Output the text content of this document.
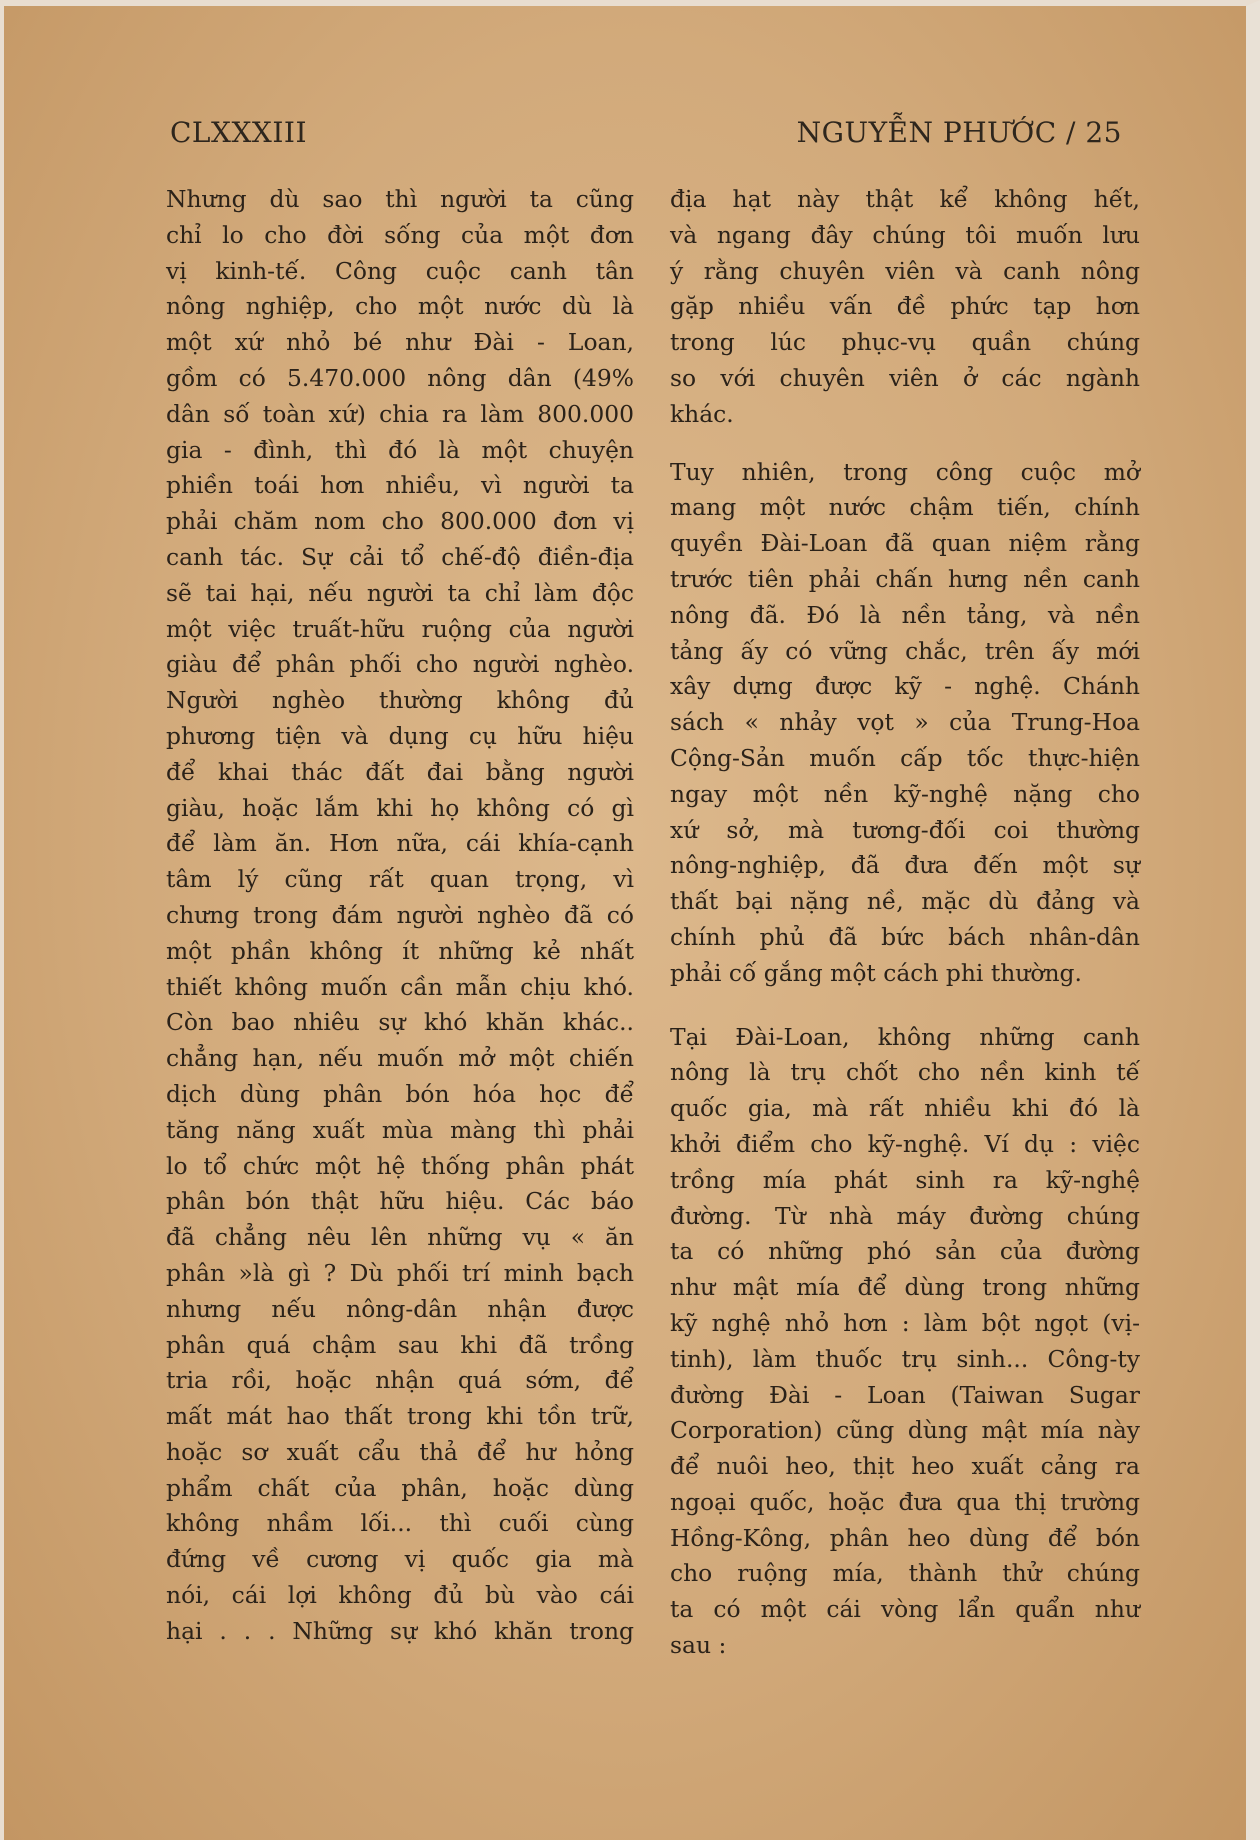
CLXXXIII	NGUYỄN PHƯỚC / 25
Nhưng dù sao thì người ta cũng
chỉ lo cho đời sống của một đơn
vị kinh-tế. Công cuộc canh tân
nông nghiệp, cho một nước dù là
một xứ nhỏ bé như Đài - Loan,
gồm có 5.470.000 nông dân (49%
dân số toàn xứ) chia ra làm 800.000
gia - đình, thì đó là một chuyện
phiền toái hơn nhiều, vì người ta
phải chăm nom cho 800.000 đơn vị
canh tác. Sự cải tổ chế-độ điền-địa
sẽ tai hại, nếu người ta chỉ làm độc
một việc truất-hữu ruộng của người
giàu để phân phối cho người nghèo.
Người nghèo thường không đủ
phương tiện và dụng cụ hữu hiệu
để khai thác đất đai bằng người
giàu, hoặc lắm khi họ không có gì
để làm ăn. Hơn nữa, cái khía-cạnh
tâm lý cũng rất quan trọng, vì
chưng trong đám người nghèo đã có
một phần không ít những kẻ nhất
thiết không muốn cần mẫn chịu khó.
Còn bao nhiêu sự khó khăn khác..
chẳng hạn, nếu muốn mở một chiến
dịch dùng phân bón hóa học để
tăng năng xuất mùa màng thì phải
lo tổ chức một hệ thống phân phát
phân bón thật hữu hiệu. Các báo
đã chẳng nêu lên những vụ « ăn
phân »là gì ? Dù phối trí minh bạch
nhưng nếu nông-dân nhận được
phân quá chậm sau khi đã trồng
tria rồi, hoặc nhận quá sớm, để
mất mát hao thất trong khi tồn trữ,
hoặc sơ xuất cẩu thả để hư hỏng
phẩm chất của phân, hoặc dùng
không nhầm lối... thì cuối cùng
đứng về cương vị quốc gia mà
nói, cái lợi không đủ bù vào cái
hại . . . Những sự khó khăn trong
địa hạt này thật kể không hết,
và ngang đây chúng tôi muốn lưu
ý rằng chuyên viên và canh nông
gặp nhiều vấn đề phức tạp hơn
trong lúc phục-vụ quần chúng
so với chuyên viên ở các ngành
khác.
Tuy nhiên, trong công cuộc mở
mang một nước chậm tiến, chính
quyền Đài-Loan đã quan niệm rằng
trước tiên phải chấn hưng nền canh
nông đã. Đó là nền tảng, và nền
tảng ấy có vững chắc, trên ấy mới
xây dựng được kỹ - nghệ. Chánh
sách « nhảy vọt » của Trung-Hoa
Cộng-Sản muốn cấp tốc thực-hiện
ngay một nền kỹ-nghệ nặng cho
xứ sở, mà tương-đối coi thường
nông-nghiệp, đã đưa đến một sự
thất bại nặng nề, mặc dù đảng và
chính phủ đã bức bách nhân-dân
phải cố gắng một cách phi thường.
Tại Đài-Loan, không những canh
nông là trụ chốt cho nền kinh tế
quốc gia, mà rất nhiều khi đó là
khởi điểm cho kỹ-nghệ. Ví dụ : việc
trồng mía phát sinh ra kỹ-nghệ
đường. Từ nhà máy đường chúng
ta có những phó sản của đường
như mật mía để dùng trong những
kỹ nghệ nhỏ hơn : làm bột ngọt (vị-
tinh), làm thuốc trụ sinh... Công-ty
đường Đài - Loan (Taiwan Sugar
Corporation) cũng dùng mật mía này
để nuôi heo, thịt heo xuất cảng ra
ngoại quốc, hoặc đưa qua thị trường
Hồng-Kông, phân heo dùng để bón
cho ruộng mía, thành thử chúng
ta có một cái vòng lẩn quẩn như
sau :
